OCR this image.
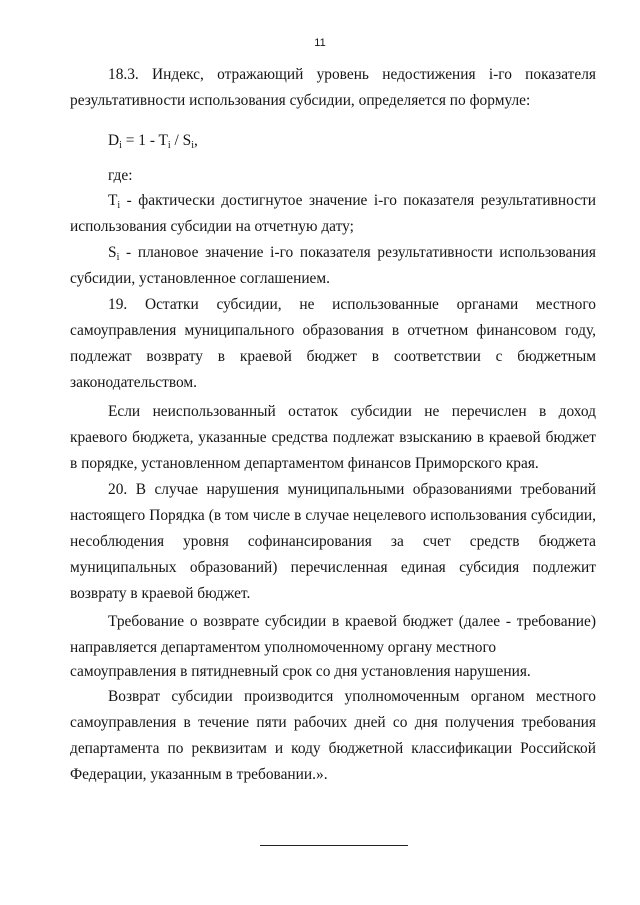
11
18.3. Индекс, отражающий уровень недостижения i-го показателя
результативности использования субсидии, определяется по формуле:
$D_i = 1 - T_i / S_i$,
где:
$T_i$ - фактически достигнутое значение i-го показателя результативности
использования субсидии на отчетную дату;
$S_i$ - плановое значение i-го показателя результативности использования
субсидии, установленное соглашением.
19. Остатки субсидии, не использованные органами местного
самоуправления муниципального образования в отчетном финансовом году,
подлежат возврату в краевой бюджет в соответствии с бюджетным
законодательством.
Если неиспользованный остаток субсидии не перечислен в доход
краевого бюджета, указанные средства подлежат взысканию в краевой бюджет
в порядке, установленном департаментом финансов Приморского края.
20. В случае нарушения муниципальными образованиями требований
настоящего Порядка (в том числе в случае нецелевого использования субсидии,
несоблюдения уровня софинансирования за счет средств бюджета
муниципальных образований) перечисленная единая субсидия подлежит
возврату в краевой бюджет.
Требование о возврате субсидии в краевой бюджет (далее - требование)
направляется департаментом уполномоченному органу местного
самоуправления в пятидневный срок со дня установления нарушения.
Возврат субсидии производится уполномоченным органом местного
самоуправления в течение пяти рабочих дней со дня получения требования
департамента по реквизитам и коду бюджетной классификации Российской
Федерации, указанным в требовании.».
